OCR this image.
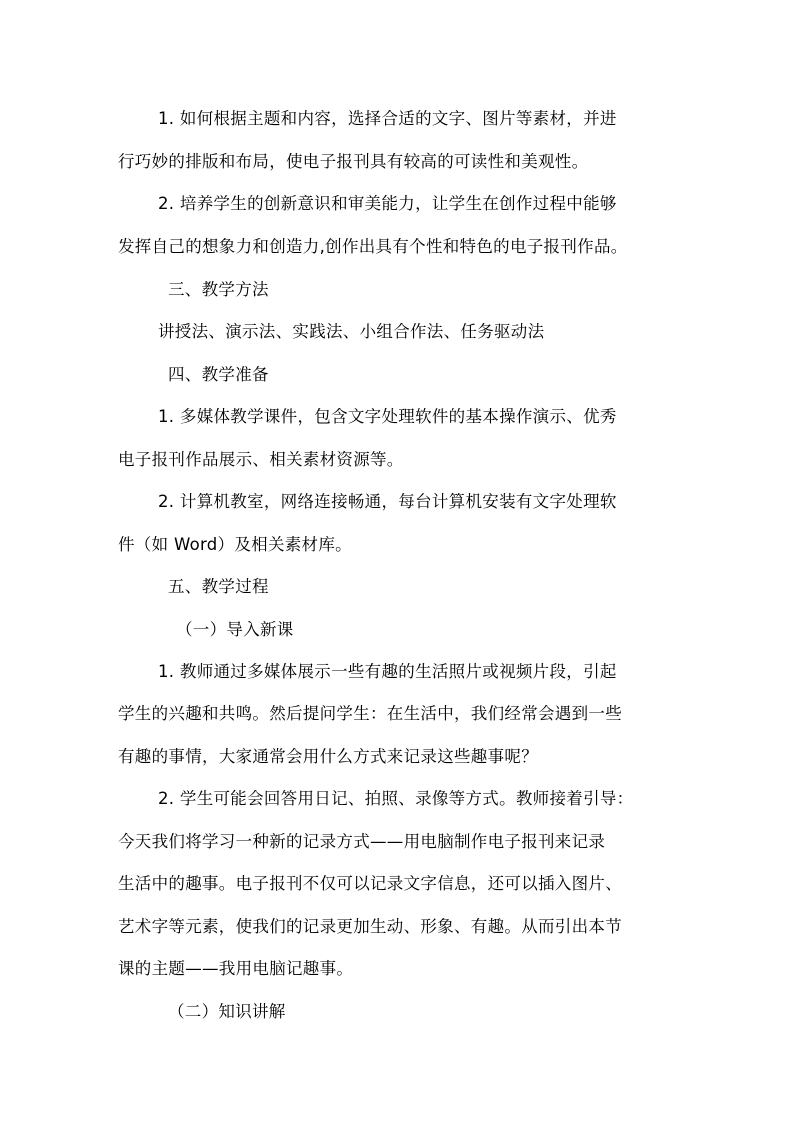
1. 如何根据主题和内容，选择合适的文字、图片等素材，并进
行巧妙的排版和布局，使电子报刊具有较高的可读性和美观性。
2. 培养学生的创新意识和审美能力，让学生在创作过程中能够
发挥自己的想象力和创造力,创作出具有个性和特色的电子报刊作品。
三、教学方法
讲授法、演示法、实践法、小组合作法、任务驱动法
四、教学准备
1. 多媒体教学课件，包含文字处理软件的基本操作演示、优秀
电子报刊作品展示、相关素材资源等。
2. 计算机教室，网络连接畅通，每台计算机安装有文字处理软
件（如 Word）及相关素材库。
五、教学过程
（一）导入新课
1. 教师通过多媒体展示一些有趣的生活照片或视频片段，引起
学生的兴趣和共鸣。然后提问学生：在生活中，我们经常会遇到一些
有趣的事情，大家通常会用什么方式来记录这些趣事呢？
2. 学生可能会回答用日记、拍照、录像等方式。教师接着引导：
今天我们将学习一种新的记录方式——用电脑制作电子报刊来记录
生活中的趣事。电子报刊不仅可以记录文字信息，还可以插入图片、
艺术字等元素，使我们的记录更加生动、形象、有趣。从而引出本节
课的主题——我用电脑记趣事。
（二）知识讲解
